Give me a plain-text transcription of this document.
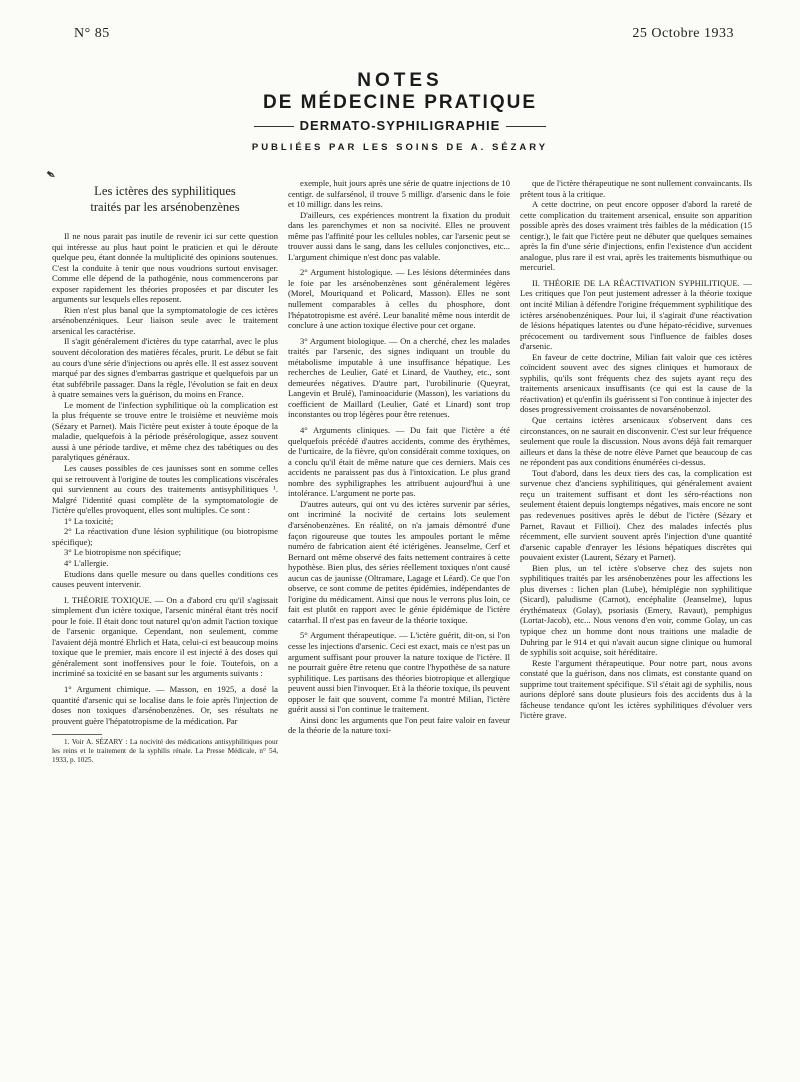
N° 85	25 Octobre 1933
NOTES
DE MÉDECINE PRATIQUE
DERMATO-SYPHILIGRAPHIE
PUBLIÉES PAR LES SOINS DE A. SÉZARY
✒
Les ictères des syphilitiques
traités par les arsénobenzènes

Il ne nous parait pas inutile de revenir ici sur cette question qui intéresse au plus haut point le praticien et qui le déroute quelque peu, étant donnée la multiplicité des opinions soutenues. C'est la conduite à tenir que nous voudrions surtout envisager. Comme elle dépend de la pathogénie, nous commencerons par exposer rapidement les théories proposées et par discuter les arguments sur lesquels elles reposent.

Rien n'est plus banal que la symptomatologie de ces ictères arsénobenzéniques. Leur liaison seule avec le traitement arsenical les caractérise.

Il s'agit généralement d'ictères du type catarrhal, avec le plus souvent décoloration des matières fécales, prurit. Le début se fait au cours d'une série d'injections ou après elle. Il est assez souvent marqué par des signes d'embarras gastrique et quelquefois par un état subfébrile passager. Dans la règle, l'évolution se fait en deux à quatre semaines vers la guérison, du moins en France.

Le moment de l'infection syphilitique où la complication est la plus fréquente se trouve entre le troisième et neuvième mois (Sézary et Parnet). Mais l'ictère peut exister à toute époque de la maladie, quelquefois à la période présérologique, assez souvent aussi à une période tardive, et même chez des tabétiques ou des paralytiques généraux.

Les causes possibles de ces jaunisses sont en somme celles qui se retrouvent à l'origine de toutes les complications viscérales qui surviennent au cours des traitements antisyphilitiques ¹. Malgré l'identité quasi complète de la symptomatologie de l'ictère qu'elles provoquent, elles sont multiples. Ce sont :

1° La toxicité;

2° La réactivation d'une lésion syphilitique (ou biotropisme spécifique);

3° Le biotropisme non spécifique;

4° L'allergie.

Etudions dans quelle mesure ou dans quelles conditions ces causes peuvent intervenir.

I. THÉORIE TOXIQUE. — On a d'abord cru qu'il s'agissait simplement d'un ictère toxique, l'arsenic minéral étant très nocif pour le foie. Il était donc tout naturel qu'on admit l'action toxique de l'arsenic organique. Cependant, non seulement, comme l'avaient déjà montré Ehrlich et Hata, celui-ci est beaucoup moins toxique que le premier, mais encore il est injecté à des doses qui généralement sont inoffensives pour le foie. Toutefois, on a incriminé sa toxicité en se basant sur les arguments suivants :

1° Argument chimique. — Masson, en 1925, a dosé la quantité d'arsenic qui se localise dans le foie après l'injection de doses non toxiques d'arsénobenzènes. Or, ses résultats ne prouvent guère l'hépatotropisme de la médication. Par

1. Voir A. SÉZARY : La nocivité des médications antisyphilitiques pour les reins et le traitement de la syphilis rénale. La Presse Médicale, n° 54, 1933, p. 1025.

exemple, huit jours après une série de quatre injections de 10 centigr. de sulfarsénol, il trouve 5 milligr. d'arsenic dans le foie et 10 milligr. dans les reins.

D'ailleurs, ces expériences montrent la fixation du produit dans les parenchymes et non sa nocivité. Elles ne prouvent même pas l'affinité pour les cellules nobles, car l'arsenic peut se trouver aussi dans le sang, dans les cellules conjonctives, etc... L'argument chimique n'est donc pas valable.

2° Argument histologique. — Les lésions déterminées dans le foie par les arsénobenzènes sont généralement légères (Morel, Mouriquand et Policard, Masson). Elles ne sont nullement comparables à celles du phosphore, dont l'hépatotropisme est avéré. Leur banalité même nous interdit de conclure à une action toxique élective pour cet organe.

3° Argument biologique. — On a cherché, chez les malades traités par l'arsenic, des signes indiquant un trouble du métabolisme imputable à une insuffisance hépatique. Les recherches de Leulier, Gaté et Linard, de Vauthey, etc., sont demeurées négatives. D'autre part, l'urobilinurie (Queyrat, Langevin et Brulé), l'aminoacidurie (Masson), les variations du coefficient de Maillard (Leulier, Gaté et Linard) sont trop inconstantes ou trop légères pour être retenues.

4° Arguments cliniques. — Du fait que l'ictère a été quelquefois précédé d'autres accidents, comme des érythèmes, de l'urticaire, de la fièvre, qu'on considérait comme toxiques, on a conclu qu'il était de même nature que ces derniers. Mais ces accidents ne paraissent pas dus à l'intoxication. Le plus grand nombre des syphiligraphes les attribuent aujourd'hui à une intolérance. L'argument ne porte pas.

D'autres auteurs, qui ont vu des ictères survenir par séries, ont incriminé la nocivité de certains lots seulement d'arsénobenzènes. En réalité, on n'a jamais démontré d'une façon rigoureuse que toutes les ampoules portant le même numéro de fabrication aient été ictérigènes. Jeanselme, Cerf et Bernard ont même observé des faits nettement contraires à cette hypothèse. Bien plus, des séries réellement toxiques n'ont causé aucun cas de jaunisse (Oltramare, Lagage et Léard). Ce que l'on observe, ce sont comme de petites épidémies, indépendantes de l'origine du médicament. Ainsi que nous le verrons plus loin, ce fait est plutôt en rapport avec le génie épidémique de l'ictère catarrhal. Il n'est pas en faveur de la théorie toxique.

5° Argument thérapeutique. — L'ictère guérit, dit-on, si l'on cesse les injections d'arsenic. Ceci est exact, mais ce n'est pas un argument suffisant pour prouver la nature toxique de l'ictère. Il ne pourrait guère être retenu que contre l'hypothèse de sa nature syphilitique. Les partisans des théories biotropique et allergique peuvent aussi bien l'invoquer. Et à la théorie toxique, ils peuvent opposer le fait que souvent, comme l'a montré Milian, l'ictère guérit aussi si l'on continue le traitement.

Ainsi donc les arguments que l'on peut faire valoir en faveur de la théorie de la nature toxi-

que de l'ictère thérapeutique ne sont nullement convaincants. Ils prêtent tous à la critique.

A cette doctrine, on peut encore opposer d'abord la rareté de cette complication du traitement arsenical, ensuite son apparition possible après des doses vraiment très faibles de la médication (15 centigr.), le fait que l'ictère peut ne débuter que quelques semaines après la fin d'une série d'injections, enfin l'existence d'un accident analogue, plus rare il est vrai, après les traitements bismuthique ou mercuriel.

II. THÉORIE DE LA RÉACTIVATION SYPHILITIQUE. — Les critiques que l'on peut justement adresser à la théorie toxique ont incité Milian à défendre l'origine fréquemment syphilitique des ictères arsénobenzéniques. Pour lui, il s'agirait d'une réactivation de lésions hépatiques latentes ou d'une hépato-récidive, survenues précocement ou tardivement sous l'influence de faibles doses d'arsenic.

En faveur de cette doctrine, Milian fait valoir que ces ictères coïncident souvent avec des signes cliniques et humoraux de syphilis, qu'ils sont fréquents chez des sujets ayant reçu des traitements arsenicaux insuffisants (ce qui est la cause de la réactivation) et qu'enfin ils guérissent si l'on continue à injecter des doses progressivement croissantes de novarsénobenzol.

Que certains ictères arsenicaux s'observent dans ces circonstances, on ne saurait en disconvenir. C'est sur leur fréquence seulement que roule la discussion. Nous avons déjà fait remarquer ailleurs et dans la thèse de notre élève Parnet que beaucoup de cas ne répondent pas aux conditions énumérées ci-dessus.

Tout d'abord, dans les deux tiers des cas, la complication est survenue chez d'anciens syphilitiques, qui généralement avaient reçu un traitement suffisant et dont les séro-réactions non seulement étaient depuis longtemps négatives, mais encore ne sont pas redevenues positives après le début de l'ictère (Sézary et Parnet, Ravaut et Fillioi). Chez des malades infectés plus récemment, elle survient souvent après l'injection d'une quantité d'arsenic capable d'enrayer les lésions hépatiques discrètes qui pouvaient exister (Laurent, Sézary et Parnet).

Bien plus, un tel ictère s'observe chez des sujets non syphilitiques traités par les arsénobenzènes pour les affections les plus diverses : lichen plan (Lube), hémiplégie non syphilitique (Sicard), paludisme (Carnot), encéphalite (Jeanselme), lupus érythémateux (Golay), psoriasis (Emery, Ravaut), pemphigus (Lortat-Jacob), etc... Nous venons d'en voir, comme Golay, un cas typique chez un homme dont nous traitions une maladie de Duhring par le 914 et qui n'avait aucun signe clinique ou humoral de syphilis soit acquise, soit héréditaire.

Reste l'argument thérapeutique. Pour notre part, nous avons constaté que la guérison, dans nos climats, est constante quand on supprime tout traitement spécifique. S'il s'était agi de syphilis, nous aurions déploré sans doute plusieurs fois des accidents dus à la fâcheuse tendance qu'ont les ictères syphilitiques d'évoluer vers l'ictère grave.
